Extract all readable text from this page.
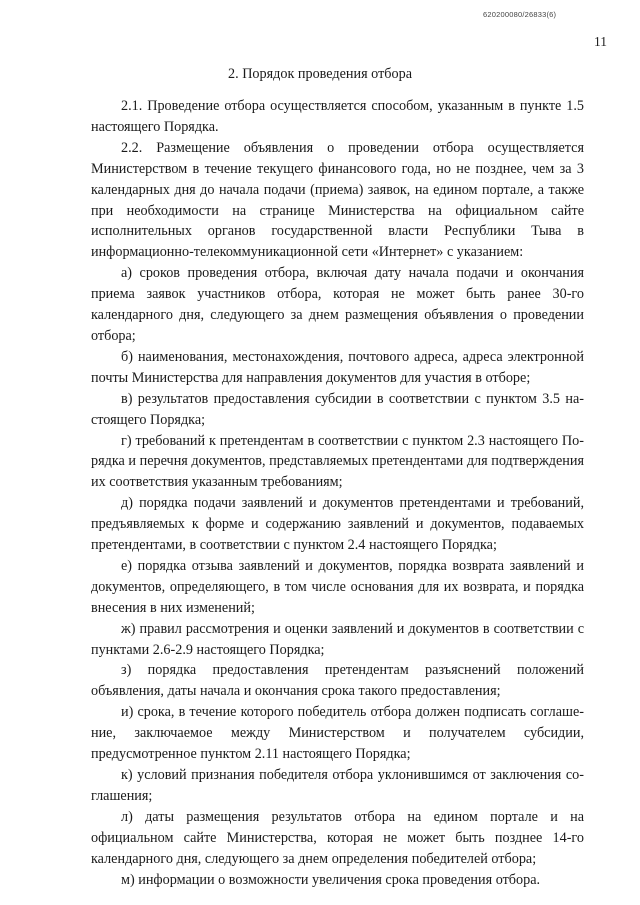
620200080/26833(6)
11
2. Порядок проведения отбора

2.1. Проведение отбора осуществляется способом, указанным в пункте 1.5 настоящего Порядка.

2.2. Размещение объявления о проведении отбора осуществляется Министерством в течение текущего финансового года, но не позднее, чем за 3 календарных дня до начала подачи (приема) заявок, на едином портале, а также при необходимости на странице Министерства на официальном сайте исполнительных органов государственной власти Республики Тыва в информационно-телекоммуникационной сети «Интернет» с указанием:

а) сроков проведения отбора, включая дату начала подачи и окончания приема заявок участников отбора, которая не может быть ранее 30-го календарного дня, следующего за днем размещения объявления о проведении отбора;

б) наименования, местонахождения, почтового адреса, адреса электронной почты Министерства для направления документов для участия в отборе;

в) результатов предоставления субсидии в соответствии с пунктом 3.5 настоящего Порядка;

г) требований к претендентам в соответствии с пунктом 2.3 настоящего Порядка и перечня документов, представляемых претендентами для подтверждения их соответствия указанным требованиям;

д) порядка подачи заявлений и документов претендентами и требований, предъявляемых к форме и содержанию заявлений и документов, подаваемых претендентами, в соответствии с пунктом 2.4 настоящего Порядка;

е) порядка отзыва заявлений и документов, порядка возврата заявлений и документов, определяющего, в том числе основания для их возврата, и порядка внесения в них изменений;

ж) правил рассмотрения и оценки заявлений и документов в соответствии с пунктами 2.6-2.9 настоящего Порядка;

з) порядка предоставления претендентам разъяснений положений объявления, даты начала и окончания срока такого предоставления;

и) срока, в течение которого победитель отбора должен подписать соглашение, заключаемое между Министерством и получателем субсидии, предусмотренное пунктом 2.11 настоящего Порядка;

к) условий признания победителя отбора уклонившимся от заключения соглашения;

л) даты размещения результатов отбора на едином портале и на официальном сайте Министерства, которая не может быть позднее 14-го календарного дня, следующего за днем определения победителей отбора;

м) информации о возможности увеличения срока проведения отбора.
